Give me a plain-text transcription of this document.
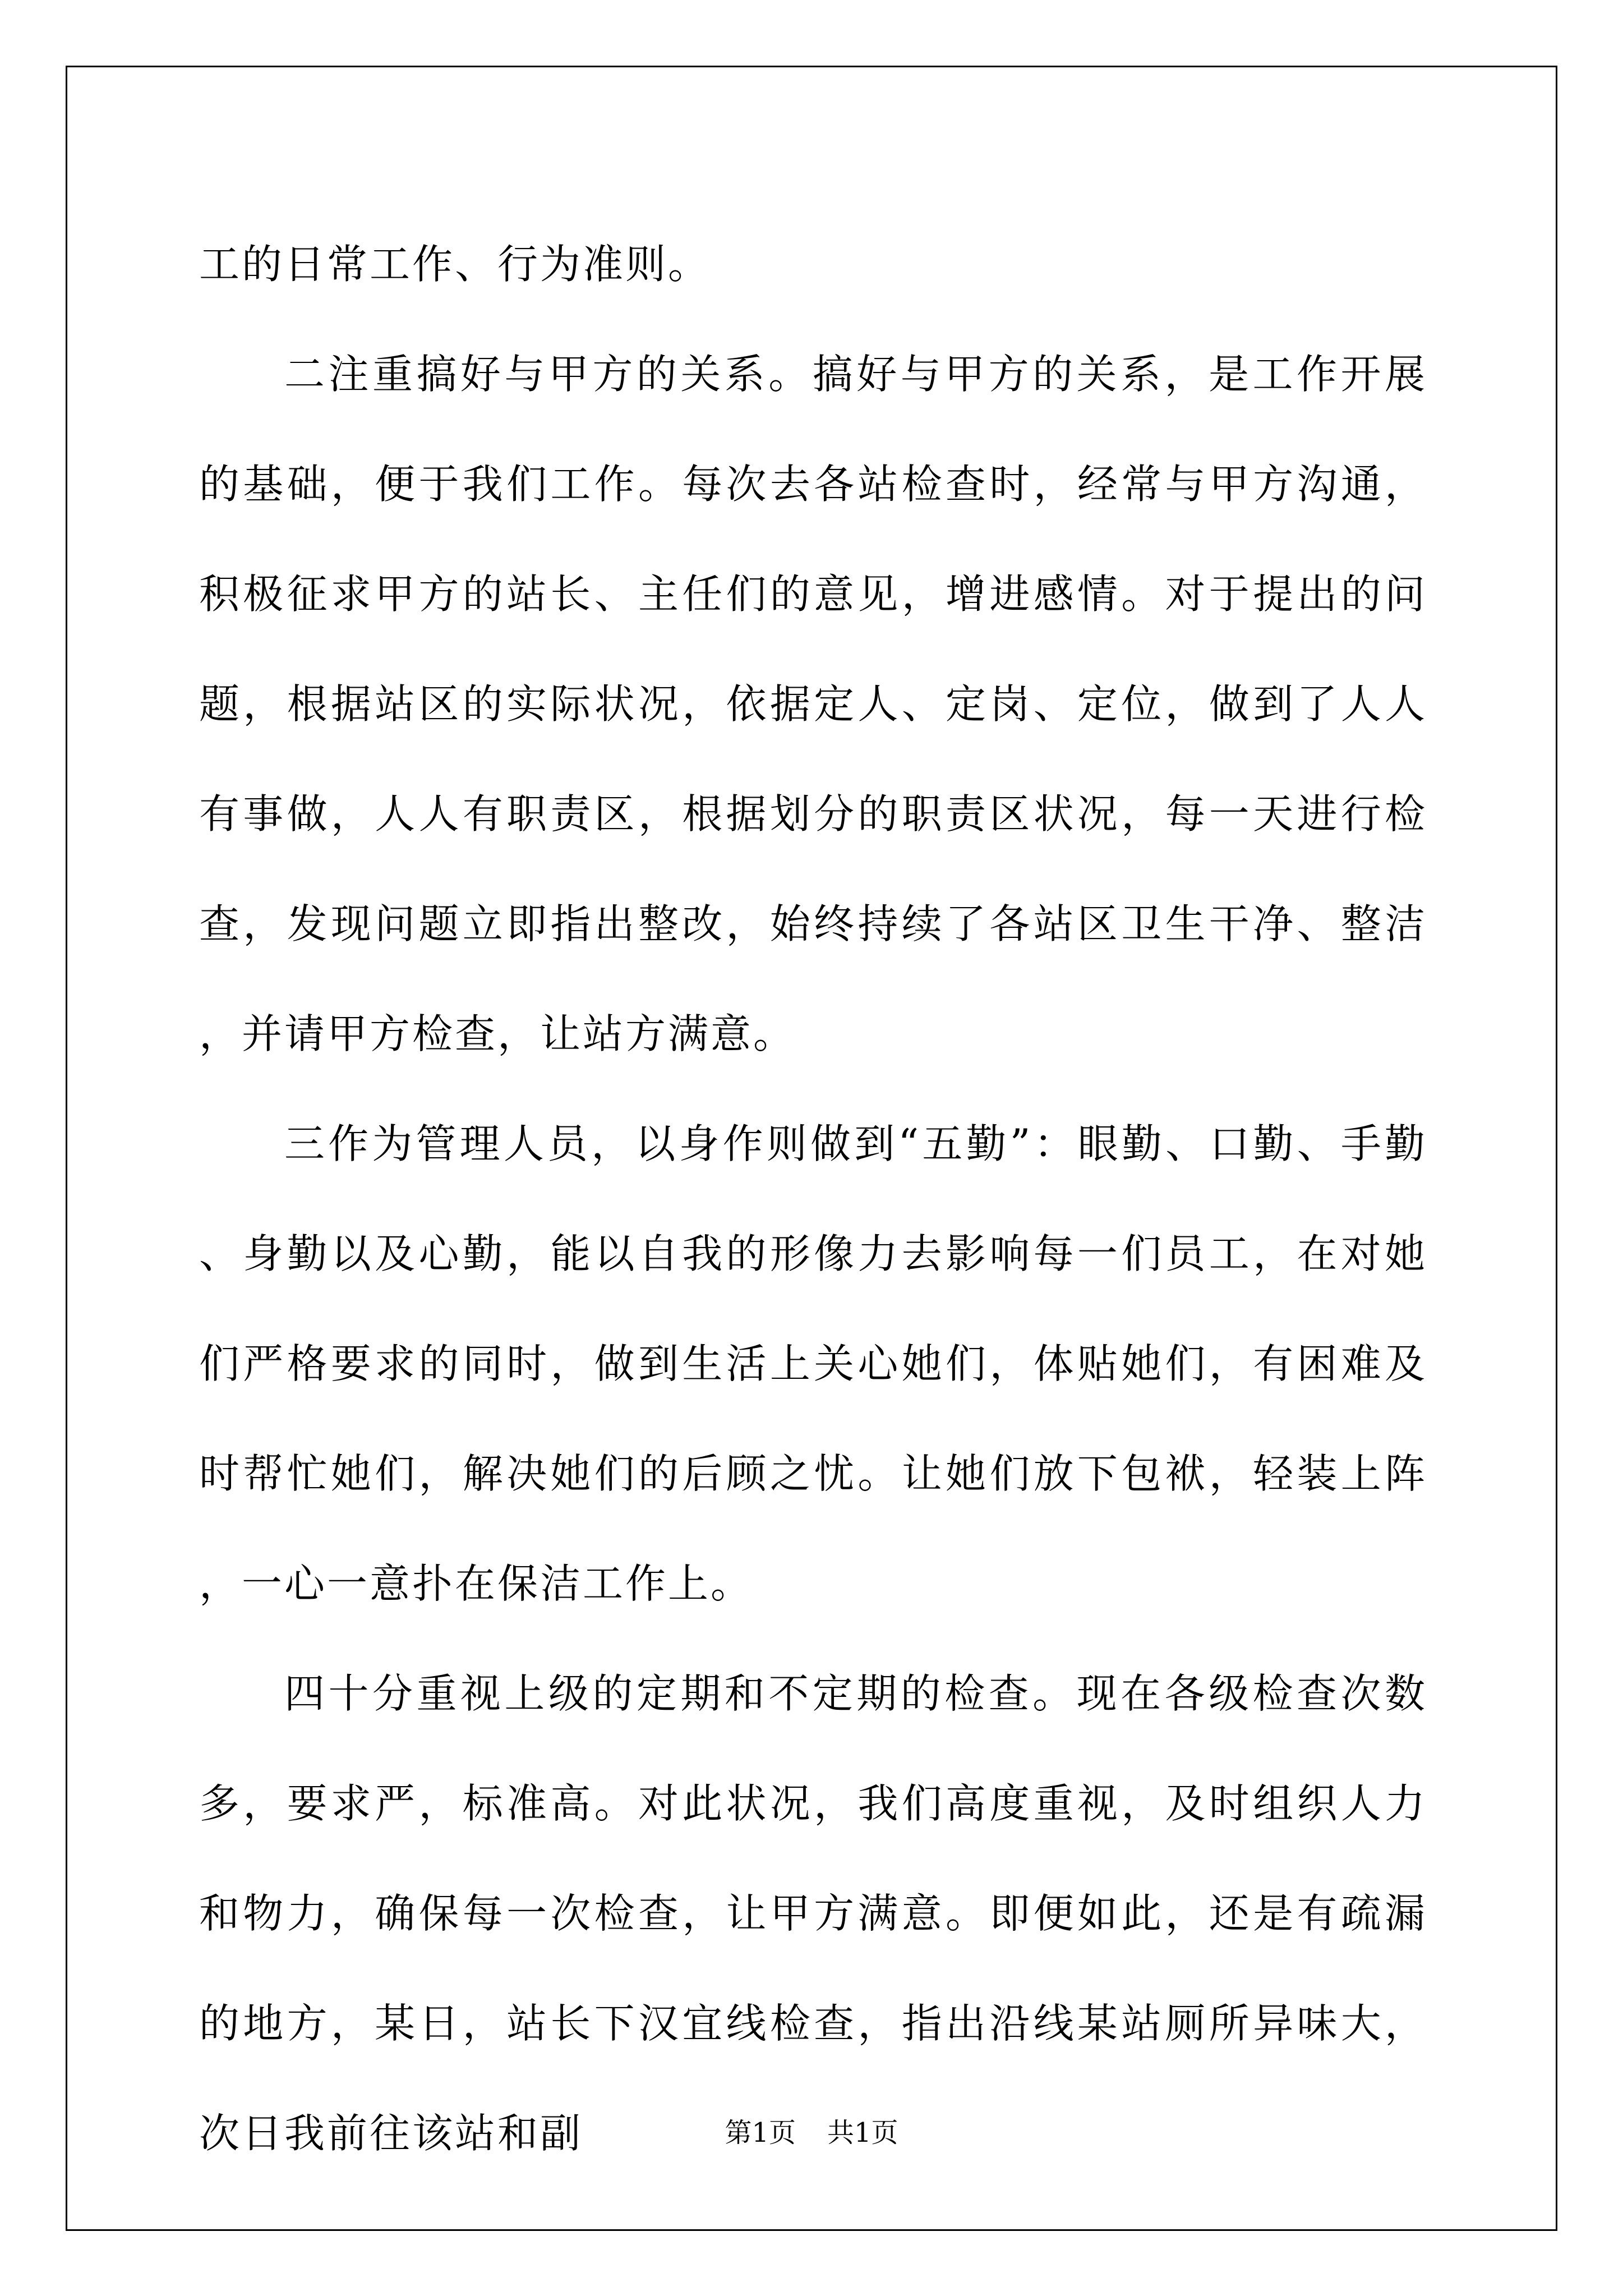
工的日常工作、行为准则。

二注重搞好与甲方的关系。搞好与甲方的关系，是工作开展的基础，便于我们工作。每次去各站检查时，经常与甲方沟通，积极征求甲方的站长、主任们的意见，增进感情。对于提出的问题，根据站区的实际状况，依据定人、定岗、定位，做到了人人有事做，人人有职责区，根据划分的职责区状况，每一天进行检查，发现问题立即指出整改，始终持续了各站区卫生干净、整洁，并请甲方检查，让站方满意。

三作为管理人员，以身作则做到“五勤”：眼勤、口勤、手勤、身勤以及心勤，能以自我的形像力去影响每一们员工，在对她们严格要求的同时，做到生活上关心她们，体贴她们，有困难及时帮忙她们，解决她们的后顾之忧。让她们放下包袱，轻装上阵，一心一意扑在保洁工作上。

四十分重视上级的定期和不定期的检查。现在各级检查次数多，要求严，标准高。对此状况，我们高度重视，及时组织人力和物力，确保每一次检查，让甲方满意。即便如此，还是有疏漏的地方，某日，站长下汉宜线检查，指出沿线某站厕所异味大，次日我前往该站和副	第1页 共1页
